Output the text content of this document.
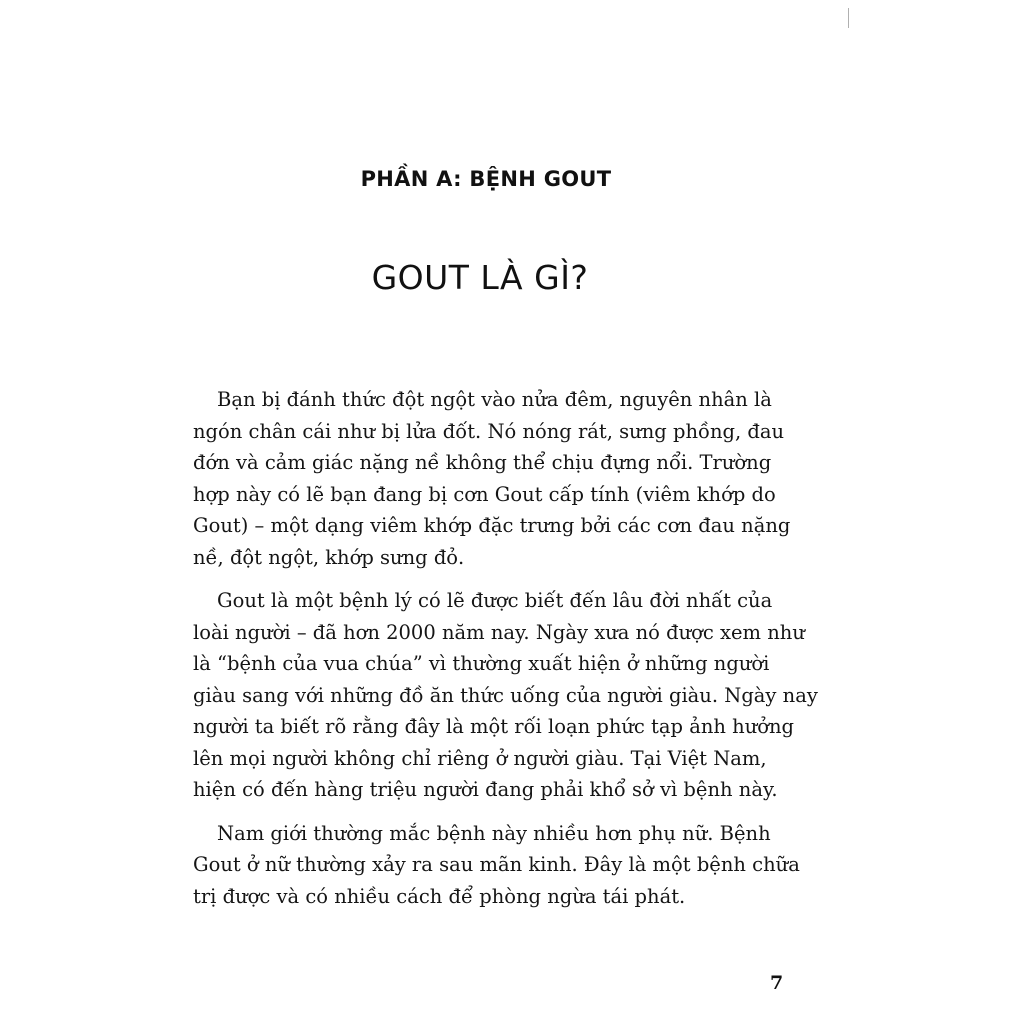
PHẦN A: BỆNH GOUT
GOUT LÀ GÌ?

Bạn bị đánh thức đột ngột vào nửa đêm, nguyên nhân là
ngón chân cái như bị lửa đốt. Nó nóng rát, sưng phồng, đau
đớn và cảm giác nặng nề không thể chịu đựng nổi. Trường
hợp này có lẽ bạn đang bị cơn Gout cấp tính (viêm khớp do
Gout) – một dạng viêm khớp đặc trưng bởi các cơn đau nặng
nề, đột ngột, khớp sưng đỏ.

Gout là một bệnh lý có lẽ được biết đến lâu đời nhất của
loài người – đã hơn 2000 năm nay. Ngày xưa nó được xem như
là “bệnh của vua chúa” vì thường xuất hiện ở những người
giàu sang với những đồ ăn thức uống của người giàu. Ngày nay
người ta biết rõ rằng đây là một rối loạn phức tạp ảnh hưởng
lên mọi người không chỉ riêng ở người giàu. Tại Việt Nam,
hiện có đến hàng triệu người đang phải khổ sở vì bệnh này.

Nam giới thường mắc bệnh này nhiều hơn phụ nữ. Bệnh
Gout ở nữ thường xảy ra sau mãn kinh. Đây là một bệnh chữa
trị được và có nhiều cách để phòng ngừa tái phát.

7
